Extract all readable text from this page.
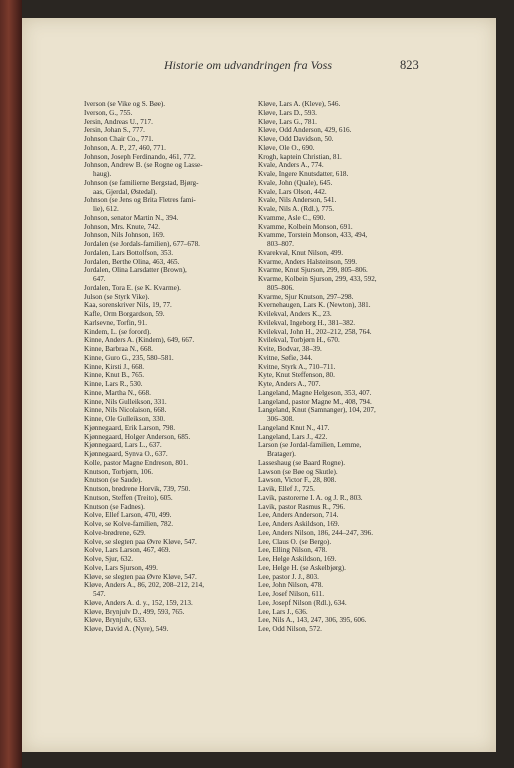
Historie om udvandringen fra Voss	823
Iverson (se Vike og S. Bøe).
Iverson, G., 755.
Jersin, Andreas U., 717.
Jersin, Johan S., 777.
Johnson Chair Co., 771.
Johnson, A. P., 27, 460, 771.
Johnson, Joseph Ferdinando, 461, 772.
Johnson, Andrew B. (se Rogne og Lasse-
haug).
Johnson (se familierne Bergstad, Bjørg-
aas, Gjerdal, Østedal).
Johnson (se Jens og Brita Fletres fami-
lie), 612.
Johnson, senator Martin N., 394.
Johnson, Mrs. Knute, 742.
Johnson, Nils Johnson, 169.
Jordalen (se Jordals-familien), 677–678.
Jordalen, Lars Bottolfson, 353.
Jordalen, Berthe Olina, 463, 465.
Jordalen, Olina Larsdatter (Brown),
647.
Jordalen, Tora E. (se K. Kvarme).
Julson (se Styrk Vike).
Kaa, sorenskriver Nils, 19, 77.
Kafle, Orm Borgardson, 59.
Karlsevne, Torfin, 91.
Kindem, L. (se forord).
Kinne, Anders A. (Kindem), 649, 667.
Kinne, Barbraa N., 668.
Kinne, Guro G., 235, 580–581.
Kinne, Kirsti J., 668.
Kinne, Knut B., 765.
Kinne, Lars R., 530.
Kinne, Martha N., 668.
Kinne, Nils Gulleikson, 331.
Kinne, Nils Nicolaison, 668.
Kinne, Ole Gulleikson, 330.
Kjønnegaard, Erik Larson, 798.
Kjønnegaard, Holger Anderson, 685.
Kjønnegaard, Lars L., 637.
Kjønnegaard, Synva O., 637.
Kolle, pastor Magne Endreson, 801.
Knutson, Torbjørn, 106.
Knutson (se Saude).
Knutson, brødrene Horvik, 739, 750.
Knutson, Steffen (Treito), 605.
Knutson (se Fadnes).
Kolve, Ellef Larson, 470, 499.
Kolve, se Kolve-familien, 782.
Kolve-brødrene, 629.
Kolve, se slegten paa Øvre Kløve, 547.
Kolve, Lars Larson, 467, 469.
Kolve, Sjur, 632.
Kolve, Lars Sjurson, 499.
Kløve, se slegten paa Øvre Kløve, 547.
Kløve, Anders A., 86, 202, 208–212, 214,
547.
Kløve, Anders A. d. y., 152, 159, 213.
Kløve, Brynjulv D., 499, 593, 765.
Kløve, Brynjulv, 633.
Kløve, David A. (Nyre), 549.
Kløve, Lars A. (Kleve), 546.
Kløve, Lars D., 593.
Kløve, Lars G., 781.
Kløve, Odd Anderson, 429, 616.
Kløve, Odd Davidson, 50.
Kløve, Ole O., 690.
Krogh, kaptein Christian, 81.
Kvale, Anders A., 774.
Kvale, Ingere Knutsdatter, 618.
Kvale, John (Quale), 645.
Kvale, Lars Olson, 442.
Kvale, Nils Anderson, 541.
Kvale, Nils A. (Rdl.), 775.
Kvamme, Asle C., 690.
Kvamme, Kolbein Monson, 691.
Kvamme, Torstein Monson, 433, 494,
803–807.
Kvarekval, Knut Nilson, 499.
Kvarme, Anders Halsteinson, 599.
Kvarme, Knut Sjurson, 299, 805–806.
Kvarme, Kolbein Sjurson, 299, 433, 592,
805–806.
Kvarme, Sjur Knutson, 297–298.
Kvernehaugen, Lars K. (Newton), 381.
Kvilekval, Anders K., 23.
Kvilekval, Ingeborg H., 381–382.
Kvilekval, John H., 202–212, 258, 764.
Kvilekval, Torbjørn H., 670.
Kvite, Bodvar, 38–39.
Kvitne, Søfie, 344.
Kvitne, Styrk A., 710–711.
Kyte, Knut Steffenson, 80.
Kyte, Anders A., 707.
Langeland, Magne Helgeson, 353, 407.
Langeland, pastor Magne M., 408, 794.
Langeland, Knut (Samnanger), 104, 207,
306–308.
Langeland Knut N., 417.
Langeland, Lars J., 422.
Larson (se Jordal-familien, Lemme,
Bratager).
Lasseshaug (se Baard Rogne).
Lawson (se Bøe og Skutle).
Lawson, Victor F., 28, 808.
Lavik, Ellef J., 725.
Lavik, pastorerne I. A. og J. R., 803.
Lavik, pastor Rasmus R., 796.
Lee, Anders Anderson, 714.
Lee, Anders Askildson, 169.
Lee, Anders Nilson, 186, 244–247, 396.
Lee, Claus O. (se Bergo).
Lee, Elling Nilson, 478.
Lee, Helge Askildson, 169.
Lee, Helge H. (se Askelbjørg).
Lee, pastor J. J., 803.
Lee, John Nilson, 478.
Lee, Josef Nilson, 611.
Lee, Josepf Nilson (Rdl.), 634.
Lee, Lars J., 636.
Lee, Nils A., 143, 247, 306, 395, 606.
Lee, Odd Nilson, 572.
